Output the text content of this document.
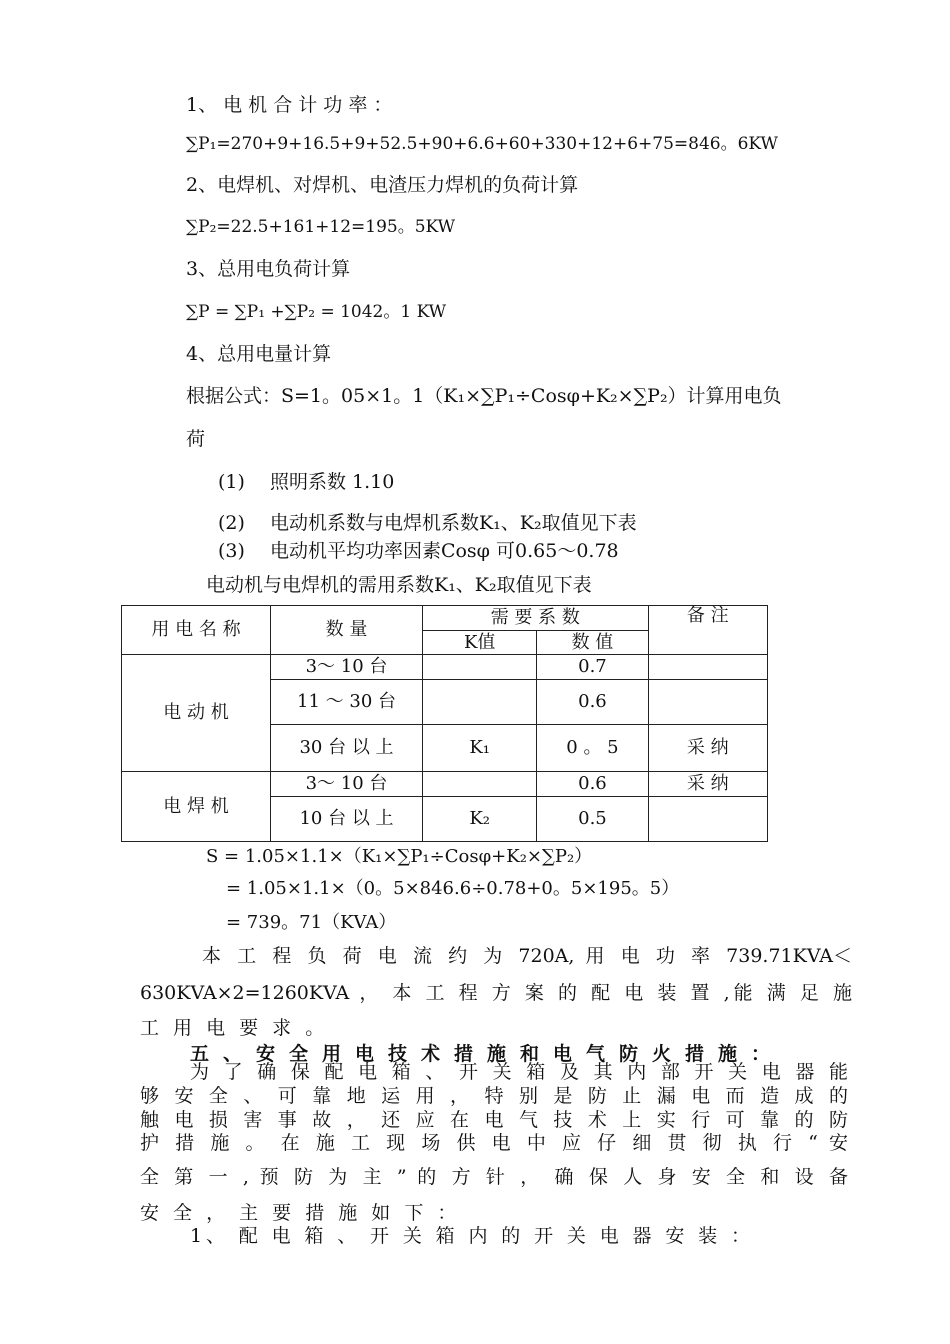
1、 电 机 合 计 功 率 ：
∑P₁=270+9+16.5+9+52.5+90+6.6+60+330+12+6+75=846。6KW
2、电焊机、对焊机、电渣压力焊机的负荷计算
∑P₂=22.5+161+12=195。5KW
3、总用电负荷计算
∑P = ∑P₁ +∑P₂ = 1042。1 KW
4、总用电量计算
根据公式：S=1。05×1。1（K₁×∑P₁÷Cosφ+K₂×∑P₂）计算用电负
荷
(1)　 照明系数 1.10
(2)　 电动机系数与电焊机系数K₁、K₂取值见下表
(3)　 电动机平均功率因素Cosφ 可0.65～0.78
电动机与电焊机的需用系数K₁、K₂取值见下表
用 电 名 称	数 量	需 要 系 数		备 注
		K值	数 值	
电 动 机	3～ 10 台		0.7	
	11 ～ 30 台		0.6	
	30 台 以 上	K₁	0 。 5	采 纳
电 焊 机	3～ 10 台		0.6	采 纳
	10 台 以 上	K₂	0.5	
S = 1.05×1.1×（K₁×∑P₁÷Cosφ+K₂×∑P₂）
= 1.05×1.1×（0。5×846.6÷0.78+0。5×195。5）
= 739。71（KVA）
本 工 程 负 荷 电 流 约 为 720A, 用 电 功 率 739.71KVA＜
630KVA×2=1260KVA ， 本 工 程 方 案 的 配 电 装 置 ,能 满 足 施
工 用 电 要 求 。
五 、 安 全 用 电 技 术 措 施 和 电 气 防 火 措 施 ：
为 了 确 保 配 电 箱 、 开 关 箱 及 其 内 部 开 关 电 器 能
够 安 全 、 可 靠 地 运 用 ， 特 别 是 防 止 漏 电 而 造 成 的
触 电 损 害 事 故 ， 还 应 在 电 气 技 术 上 实 行 可 靠 的 防
护 措 施 。 在 施 工 现 场 供 电 中 应 仔 细 贯 彻 执 行 “ 安
全 第 一 , 预 防 为 主 ” 的 方 针 ， 确 保 人 身 安 全 和 设 备
安 全 ， 主 要 措 施 如 下 ：
1、 配 电 箱 、 开 关 箱 内 的 开 关 电 器 安 装 ：
